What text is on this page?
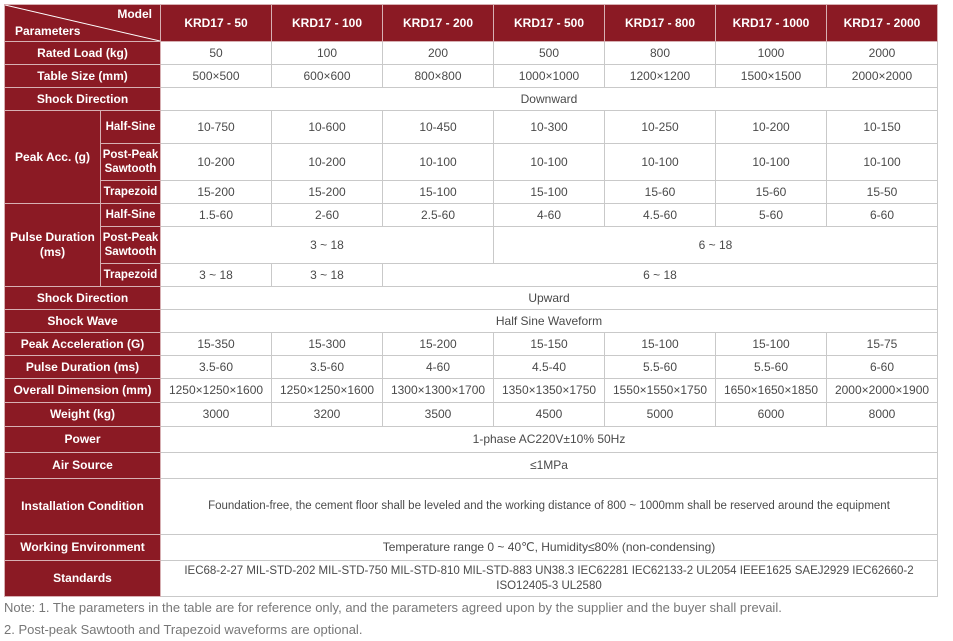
Model
Parameters		KRD17 - 50	KRD17 - 100	KRD17 - 200	KRD17 - 500	KRD17 - 800	KRD17 - 1000	KRD17 - 2000
Rated Load (kg)		50	100	200	500	800	1000	2000
Table Size (mm)		500×500	600×600	800×800	1000×1000	1200×1200	1500×1500	2000×2000
Shock Direction		Downward						
Peak Acc. (g)	Half-Sine	10-750	10-600	10-450	10-300	10-250	10-200	10-150
	Post-Peak Sawtooth	10-200	10-200	10-100	10-100	10-100	10-100	10-100
	Trapezoid	15-200	15-200	15-100	15-100	15-60	15-60	15-50
Pulse Duration (ms)	Half-Sine	1.5-60	2-60	2.5-60	4-60	4.5-60	5-60	6-60
	Post-Peak Sawtooth	3 ~ 18			6 ~ 18			
	Trapezoid	3 ~ 18	3 ~ 18	6 ~ 18				
Shock Direction		Upward						
Shock Wave		Half Sine Waveform						
Peak Acceleration (G)		15-350	15-300	15-200	15-150	15-100	15-100	15-75
Pulse Duration (ms)		3.5-60	3.5-60	4-60	4.5-40	5.5-60	5.5-60	6-60
Overall Dimension (mm)		1250×1250×1600	1250×1250×1600	1300×1300×1700	1350×1350×1750	1550×1550×1750	1650×1650×1850	2000×2000×1900
Weight (kg)		3000	3200	3500	4500	5000	6000	8000
Power		1-phase AC220V±10% 50Hz						
Air Source		≤1MPa						
Installation Condition		Foundation-free, the cement floor shall be leveled and the working distance of 800 ~ 1000mm shall be reserved around the equipment						
Working Environment		Temperature range 0 ~ 40℃, Humidity≤80% (non-condensing)						
Standards		IEC68-2-27 MIL-STD-202 MIL-STD-750 MIL-STD-810 MIL-STD-883 UN38.3 IEC62281 IEC62133-2 UL2054 IEEE1625 SAEJ2929 IEC62660-2 ISO12405-3 UL2580						
Note: 1. The parameters in the table are for reference only, and the parameters agreed upon by the supplier and the buyer shall prevail.
2. Post-peak Sawtooth and Trapezoid waveforms are optional.
